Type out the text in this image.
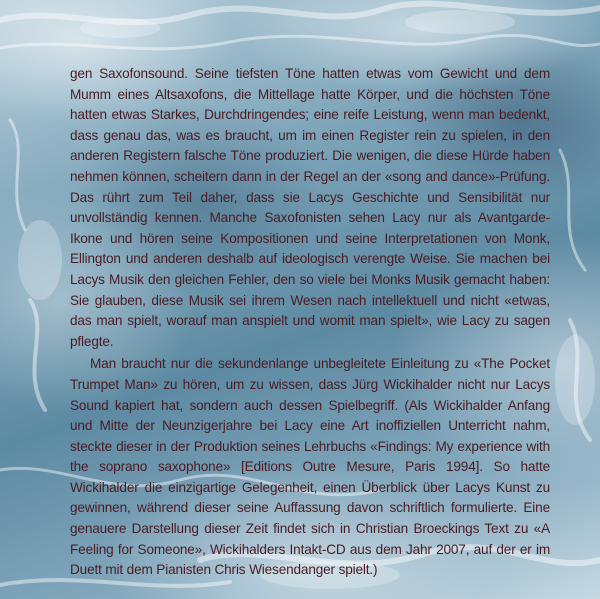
gen Saxofonsound. Seine tiefsten Töne hatten etwas vom Gewicht und dem Mumm eines Altsaxofons, die Mittellage hatte Körper, und die höchsten Töne hatten etwas Starkes, Durchdringendes; eine reife Leistung, wenn man bedenkt, dass genau das, was es braucht, um im einen Register rein zu spielen, in den anderen Registern falsche Töne produziert. Die wenigen, die diese Hürde haben nehmen können, scheitern dann in der Regel an der «song and dance»-Prüfung. Das rührt zum Teil daher, dass sie Lacys Geschichte und Sensibilität nur unvollständig kennen. Manche Saxofonisten sehen Lacy nur als Avantgarde-Ikone und hören seine Kompositionen und seine Interpretationen von Monk, Ellington und anderen deshalb auf ideologisch verengte Weise. Sie machen bei Lacys Musik den gleichen Fehler, den so viele bei Monks Musik gemacht haben: Sie glauben, diese Musik sei ihrem Wesen nach intellektuell und nicht «etwas, das man spielt, worauf man anspielt und womit man spielt», wie Lacy zu sagen pflegte.

Man braucht nur die sekundenlange unbegleitete Einleitung zu «The Pocket Trumpet Man» zu hören, um zu wissen, dass Jürg Wickihalder nicht nur Lacys Sound kapiert hat, sondern auch dessen Spielbegriff. (Als Wickihalder Anfang und Mitte der Neunzigerjahre bei Lacy eine Art inoffiziellen Unterricht nahm, steckte dieser in der Produktion seines Lehrbuchs «Findings: My experience with the soprano saxophone» [Editions Outre Mesure, Paris 1994]. So hatte Wickihalder die einzigartige Gelegenheit, einen Überblick über Lacys Kunst zu gewinnen, während dieser seine Auffassung davon schriftlich formulierte. Eine genauere Darstellung dieser Zeit findet sich in Christian Broeckings Text zu «A Feeling for Someone», Wickihalders Intakt-CD aus dem Jahr 2007, auf der er im Duett mit dem Pianisten Chris Wiesendanger spielt.)
